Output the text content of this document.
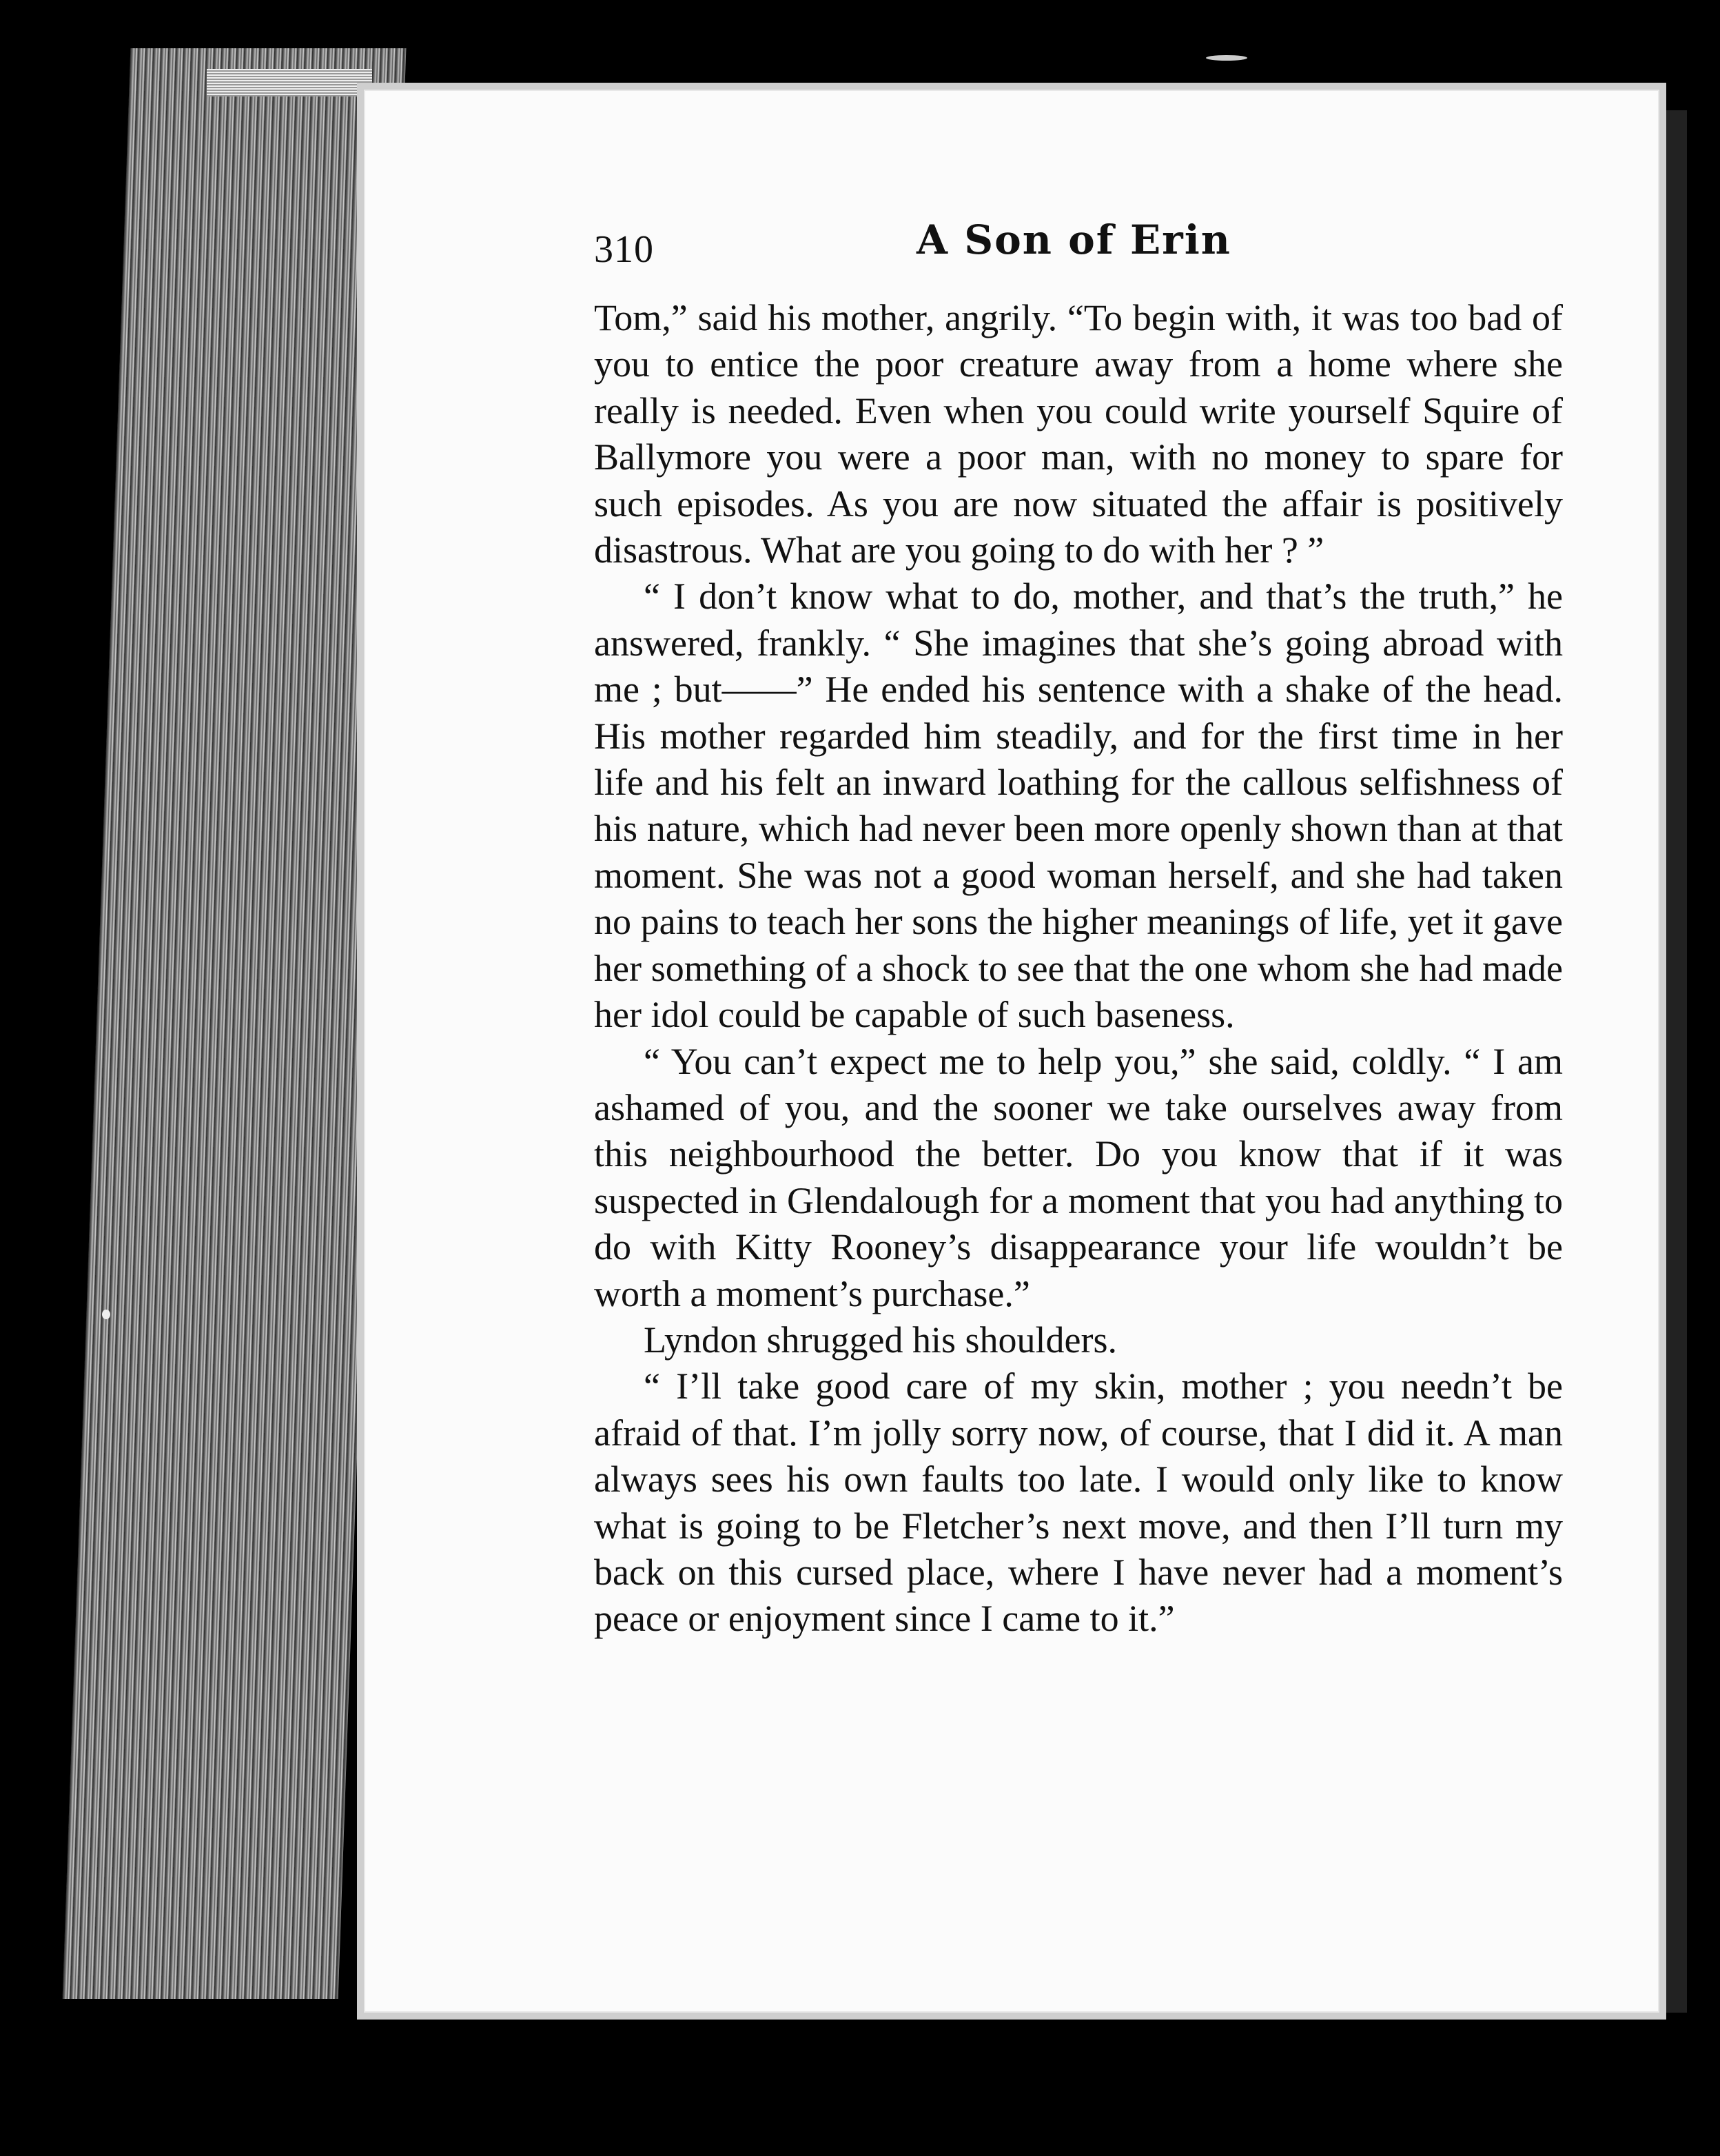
310	A Son of Erin

Tom,” said his mother, angrily. “To begin with, it was too bad of you to entice the poor creature away from a home where she really is needed. Even when you could write yourself Squire of Ballymore you were a poor man, with no money to spare for such episodes. As you are now situated the affair is positively disastrous. What are you going to do with her ? ”

“ I don’t know what to do, mother, and that’s the truth,” he answered, frankly. “ She imagines that she’s going abroad with me ; but——” He ended his sentence with a shake of the head. His mother regarded him steadily, and for the first time in her life and his felt an inward loathing for the callous selfishness of his nature, which had never been more openly shown than at that moment. She was not a good woman herself, and she had taken no pains to teach her sons the higher meanings of life, yet it gave her something of a shock to see that the one whom she had made her idol could be capable of such baseness.

“ You can’t expect me to help you,” she said, coldly. “ I am ashamed of you, and the sooner we take ourselves away from this neighbourhood the better. Do you know that if it was suspected in Glendalough for a moment that you had anything to do with Kitty Rooney’s disappearance your life wouldn’t be worth a moment’s purchase.”

Lyndon shrugged his shoulders.

“ I’ll take good care of my skin, mother ; you needn’t be afraid of that. I’m jolly sorry now, of course, that I did it. A man always sees his own faults too late. I would only like to know what is going to be Fletcher’s next move, and then I’ll turn my back on this cursed place, where I have never had a moment’s peace or enjoyment since I came to it.”
